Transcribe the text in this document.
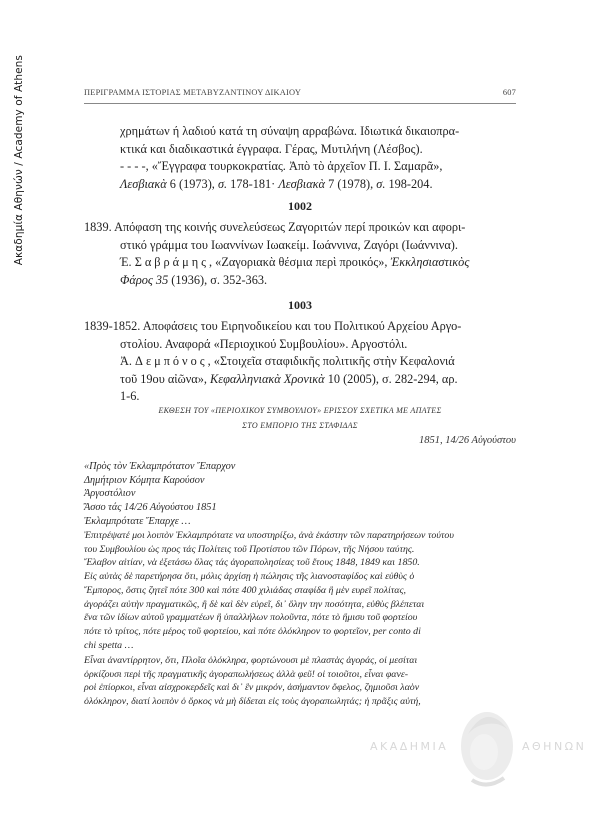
Ακαδημία Αθηνών / Academy of Athens	ΠΕΡΙΓΡΑΜΜΑ ΙΣΤΟΡΙΑΣ ΜΕΤΑΒΥΖΑΝΤΙΝΟΥ ΔΙΚΑΙΟΥ	607
χρημάτων ή λαδιού κατά τη σύναψη αρραβώνα. Ιδιωτικά δικαιοπρα-
κτικά και διαδικαστικά έγγραφα. Γέρας, Μυτιλήνη (Λέσβος).
- - - -, «Ἔγγραφα τουρκοκρατίας. Ἀπὸ τὸ ἀρχεῖον Π. Ι. Σαμαρᾶ»,
Λεσβιακὰ 6 (1973), σ. 178-181· Λεσβιακὰ 7 (1978), σ. 198-204.
1002
1839. Απόφαση της κοινής συνελεύσεως Ζαγοριτών περί προικών και αφορι-
στικό γράμμα του Ιωαννίνων Ιωακείμ. Ιωάννινα, Ζαγόρι (Ιωάννινα).
Έ. Σαβράμης, «Ζαγοριακὰ θέσμια περὶ προικός», Ἐκκλησιαστικὸς
Φάρος 35 (1936), σ. 352-363.
1003
1839-1852. Αποφάσεις του Ειρηνοδικείου και του Πολιτικού Αρχείου Αργο-
στολίου. Αναφορά «Περιοχικού Συμβουλίου». Αργοστόλι.
Ἀ. Δεμπόνος, «Στοιχεῖα σταφιδικῆς πολιτικῆς στὴν Κεφαλονιά
τοῦ 19ου αἰῶνα», Κεφαλληνιακὰ Χρονικὰ 10 (2005), σ. 282-294, αρ.
1-6.
ΕΚΘΕΣΗ ΤΟΥ «ΠΕΡΙΟΧΙΚΟΥ ΣΥΜΒΟΥΛΙΟΥ» ΕΡΙΣΣΟΥ ΣΧΕΤΙΚΑ ΜΕ ΑΠΑΤΕΣ
ΣΤΟ ΕΜΠΟΡΙΟ ΤΗΣ ΣΤΑΦΙΔΑΣ
1851, 14/26 Αὐγούστου
«Πρὸς τὸν Ἐκλαμπρότατον Ἔπαρχον
Δημήτριον Κόμητα Καρούσον
Ἀργοστόλιον
Ἄσσο τάς 14/26 Αὐγούστου 1851
Ἐκλαμπρότατε Ἔπαρχε …
Ἐπιτρέψατέ μοι λοιπὸν Ἐκλαμπρότατε να υποστηρίξω, ἀνὰ ἑκάστην τῶν παρατηρήσεων τούτου
του Συμβουλίου ὡς προς τάς Πολίτεις τοῦ Προτίστου τῶν Πόρων, τῆς Νήσου ταύτης.
Ἔλαβον αἰτίαν, νὰ ἐξετάσω ὅλας τάς ἀγοραπολησίεας τοῦ ἔτους 1848, 1849 και 1850.
Εἰς αὐτὰς δὲ παρετήρησα ὅτι, μόλις ἀρχίσῃ ἡ πώλησις τῆς λιανοσταφίδος καὶ εὐθὺς ὁ
Ἔμπορος, ὅστις ζητεῖ πότε 300 καὶ πότε 400 χιλιάδας σταφίδα ἢ μὲν ευρεῖ πολίτας,
ἀγοράζει αὐτὴν πραγματικῶς, ἢ δὲ καὶ δὲν εὑρεῖ, δι᾽ ὅλην την ποσότητα, εὐθὺς βλέπεται
ἕνα τῶν ἰδίων αὐτοῦ γραμματέων ἢ ὑπαλλήλων πολοῦντα, πότε τὸ ἥμισυ τοῦ φορτείου
πότε τὸ τρίτος, πότε μέρος τοῦ φορτείου, καὶ πότε ὁλόκληρον το φορτεῖον, per conto di
chi spetta …
Εἶναι ἀναντίρρητον, ὅτι, Πλοῖα ὁλόκληρα, φορτώνουσι μὲ πλαστὰς ἀγοράς, οἱ μεσίται
ὁρκίζουσι περὶ τῆς πραγματικῆς ἀγοραπωλήσεως ἀλλὰ φεῦ! οἱ τοιοῦτοι, εἶναι φανε-
ροὶ ἐπίορκοι, εἶναι αἰσχροκερδεῖς καὶ δι᾽ ἓν μικρόν, ἀσήμαντον ὄφελος, ζημιοῦσι λαὸν
ὁλόκληρον, διατί λοιπὸν ὁ ὅρκος νὰ μὴ δίδεται εἰς τοὺς ἀγοραπωλητάς; ἡ πρᾶξις αὐτή,
ΑΚΑΔΗΜΙΑ	ΑΘΗΝΩΝ
